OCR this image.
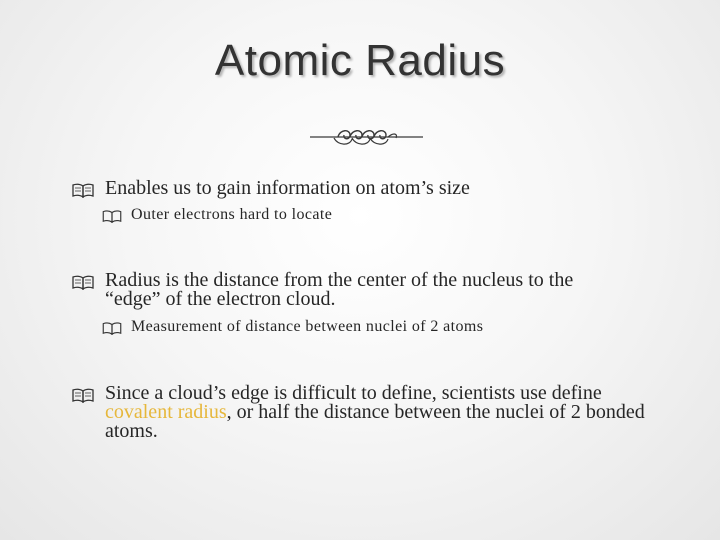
Atomic Radius
Enables us to gain information on atom’s size
Outer electrons hard to locate
Radius is the distance from the center of the nucleus to the “edge” of the electron cloud.
Measurement of distance between nuclei of 2 atoms
Since a cloud’s edge is difficult to define, scientists use define covalent radius, or half the distance between the nuclei of 2 bonded atoms.
